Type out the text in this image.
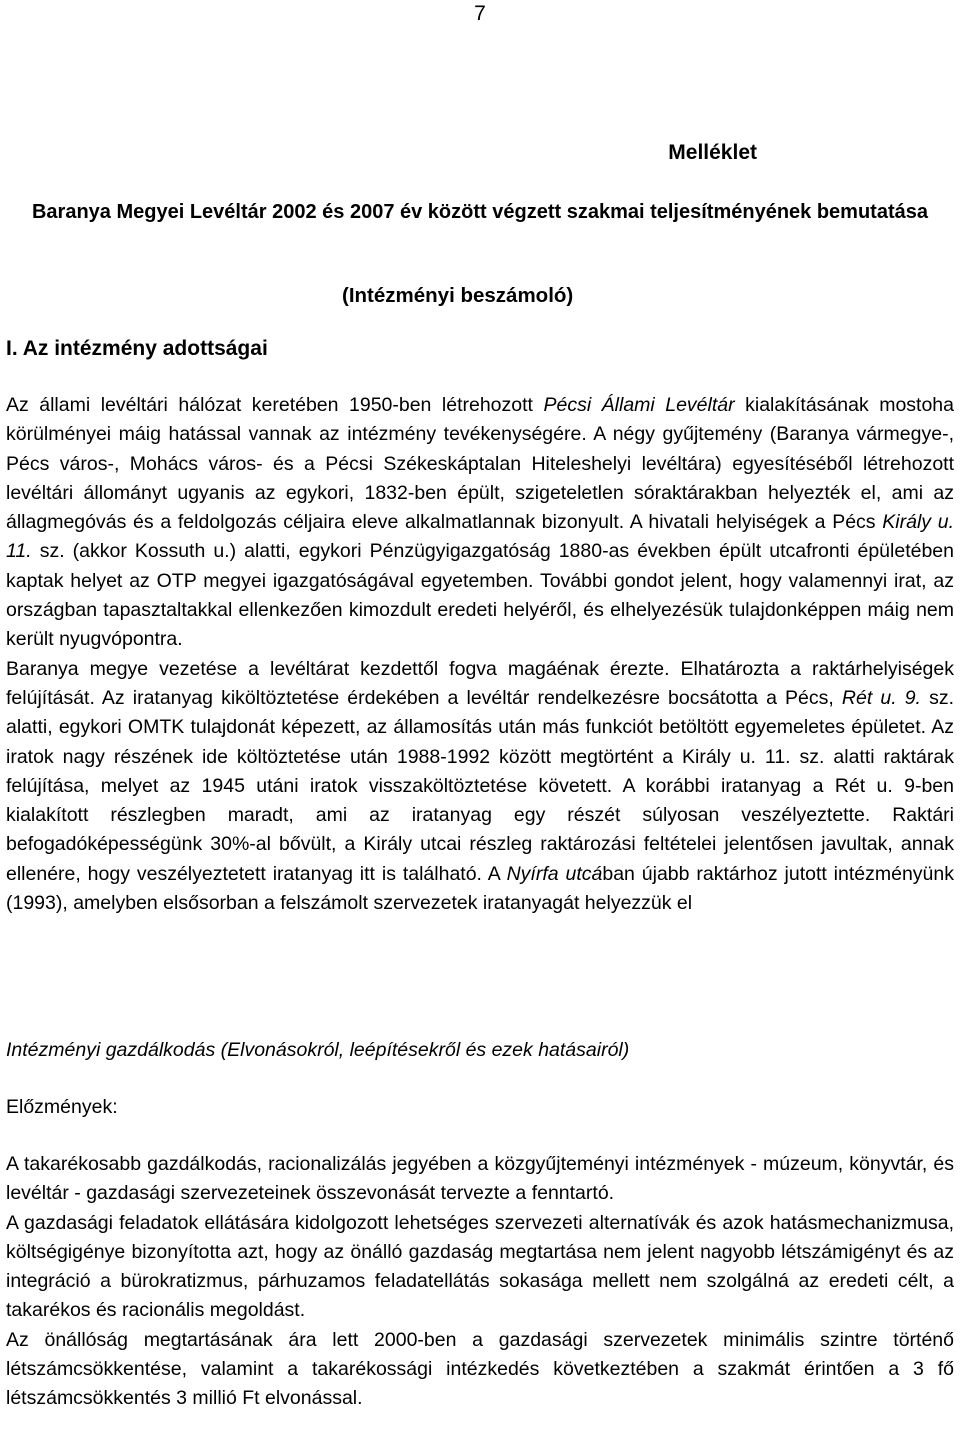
7
Melléklet
Baranya Megyei Levéltár 2002 és 2007 év között végzett szakmai teljesítményének bemutatása
(Intézményi beszámoló)
I. Az intézmény adottságai

Az állami levéltári hálózat keretében 1950-ben létrehozott Pécsi Állami Levéltár kialakításának mostoha körülményei máig hatással vannak az intézmény tevékenységére. A négy gyűjtemény (Baranya vármegye-, Pécs város-, Mohács város- és a Pécsi Székeskáptalan Hiteleshelyi levéltára) egyesítéséből létrehozott levéltári állományt ugyanis az egykori, 1832-ben épült, szigeteletlen sóraktárakban helyezték el, ami az állagmegóvás és a feldolgozás céljaira eleve alkalmatlannak bizonyult. A hivatali helyiségek a Pécs Király u. 11. sz. (akkor Kossuth u.) alatti, egykori Pénzügyigazgatóság 1880-as években épült utcafronti épületében kaptak helyet az OTP megyei igazgatóságával egyetemben. További gondot jelent, hogy valamennyi irat, az országban tapasztaltakkal ellenkezően kimozdult eredeti helyéről, és elhelyezésük tulajdonképpen máig nem került nyugvópontra.

Baranya megye vezetése a levéltárat kezdettől fogva magáénak érezte. Elhatározta a raktárhelyiségek felújítását. Az iratanyag kiköltöztetése érdekében a levéltár rendelkezésre bocsátotta a Pécs, Rét u. 9. sz. alatti, egykori OMTK tulajdonát képezett, az államosítás után más funkciót betöltött egyemeletes épületet. Az iratok nagy részének ide költöztetése után 1988-1992 között megtörtént a Király u. 11. sz. alatti raktárak felújítása, melyet az 1945 utáni iratok visszaköltöztetése követett. A korábbi iratanyag a Rét u. 9-ben kialakított részlegben maradt, ami az iratanyag egy részét súlyosan veszélyeztette. Raktári befogadóképességünk 30%-al bővült, a Király utcai részleg raktározási feltételei jelentősen javultak, annak ellenére, hogy veszélyeztetett iratanyag itt is található. A Nyírfa utcában újabb raktárhoz jutott intézményünk (1993), amelyben elsősorban a felszámolt szervezetek iratanyagát helyezzük el

Intézményi gazdálkodás (Elvonásokról, leépítésekről és ezek hatásairól)
Előzmények:

A takarékosabb gazdálkodás, racionalizálás jegyében a közgyűjteményi intézmények - múzeum, könyvtár, és levéltár - gazdasági szervezeteinek összevonását tervezte a fenntartó.

A gazdasági feladatok ellátására kidolgozott lehetséges szervezeti alternatívák és azok hatásmechanizmusa, költségigénye bizonyította azt, hogy az önálló gazdaság megtartása nem jelent nagyobb létszámigényt és az integráció a bürokratizmus, párhuzamos feladatellátás sokasága mellett nem szolgálná az eredeti célt, a takarékos és racionális megoldást.

Az önállóság megtartásának ára lett 2000-ben a gazdasági szervezetek minimális szintre történő létszámcsökkentése, valamint a takarékossági intézkedés következtében a szakmát érintően a 3 fő létszámcsökkentés 3 millió Ft elvonással.
